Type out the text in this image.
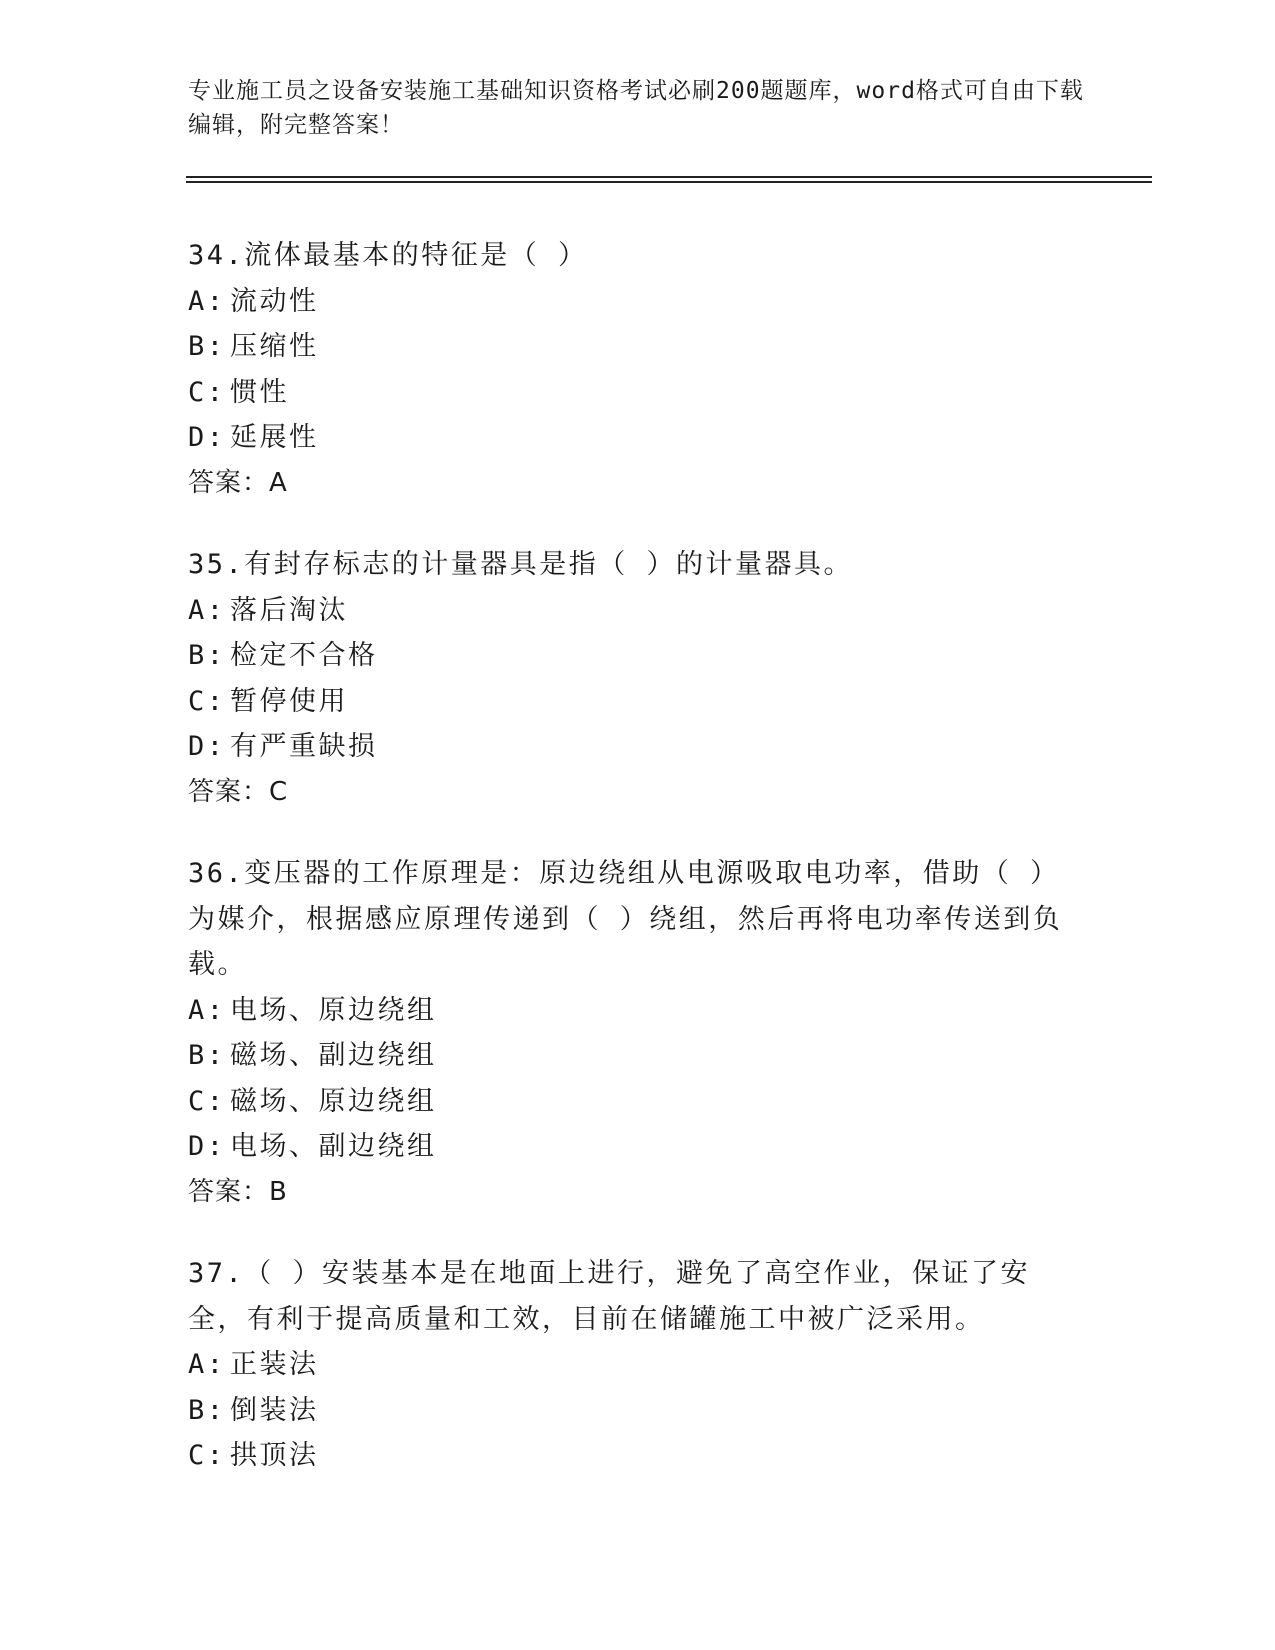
专业施工员之设备安装施工基础知识资格考试必刷200题题库，word格式可自由下载编辑，附完整答案！
34.流体最基本的特征是（ ）
A: 流动性
B: 压缩性
C: 惯性
D: 延展性
答案：A
35.有封存标志的计量器具是指（ ）的计量器具。
A: 落后淘汰
B: 检定不合格
C: 暂停使用
D: 有严重缺损
答案：C
36.变压器的工作原理是：原边绕组从电源吸取电功率，借助（ ）为媒介，根据感应原理传递到（ ）绕组，然后再将电功率传送到负载。
A: 电场、原边绕组
B: 磁场、副边绕组
C: 磁场、原边绕组
D: 电场、副边绕组
答案：B
37.（ ）安装基本是在地面上进行，避免了高空作业，保证了安全，有利于提高质量和工效，目前在储罐施工中被广泛采用。
A: 正装法
B: 倒装法
C: 拱顶法
